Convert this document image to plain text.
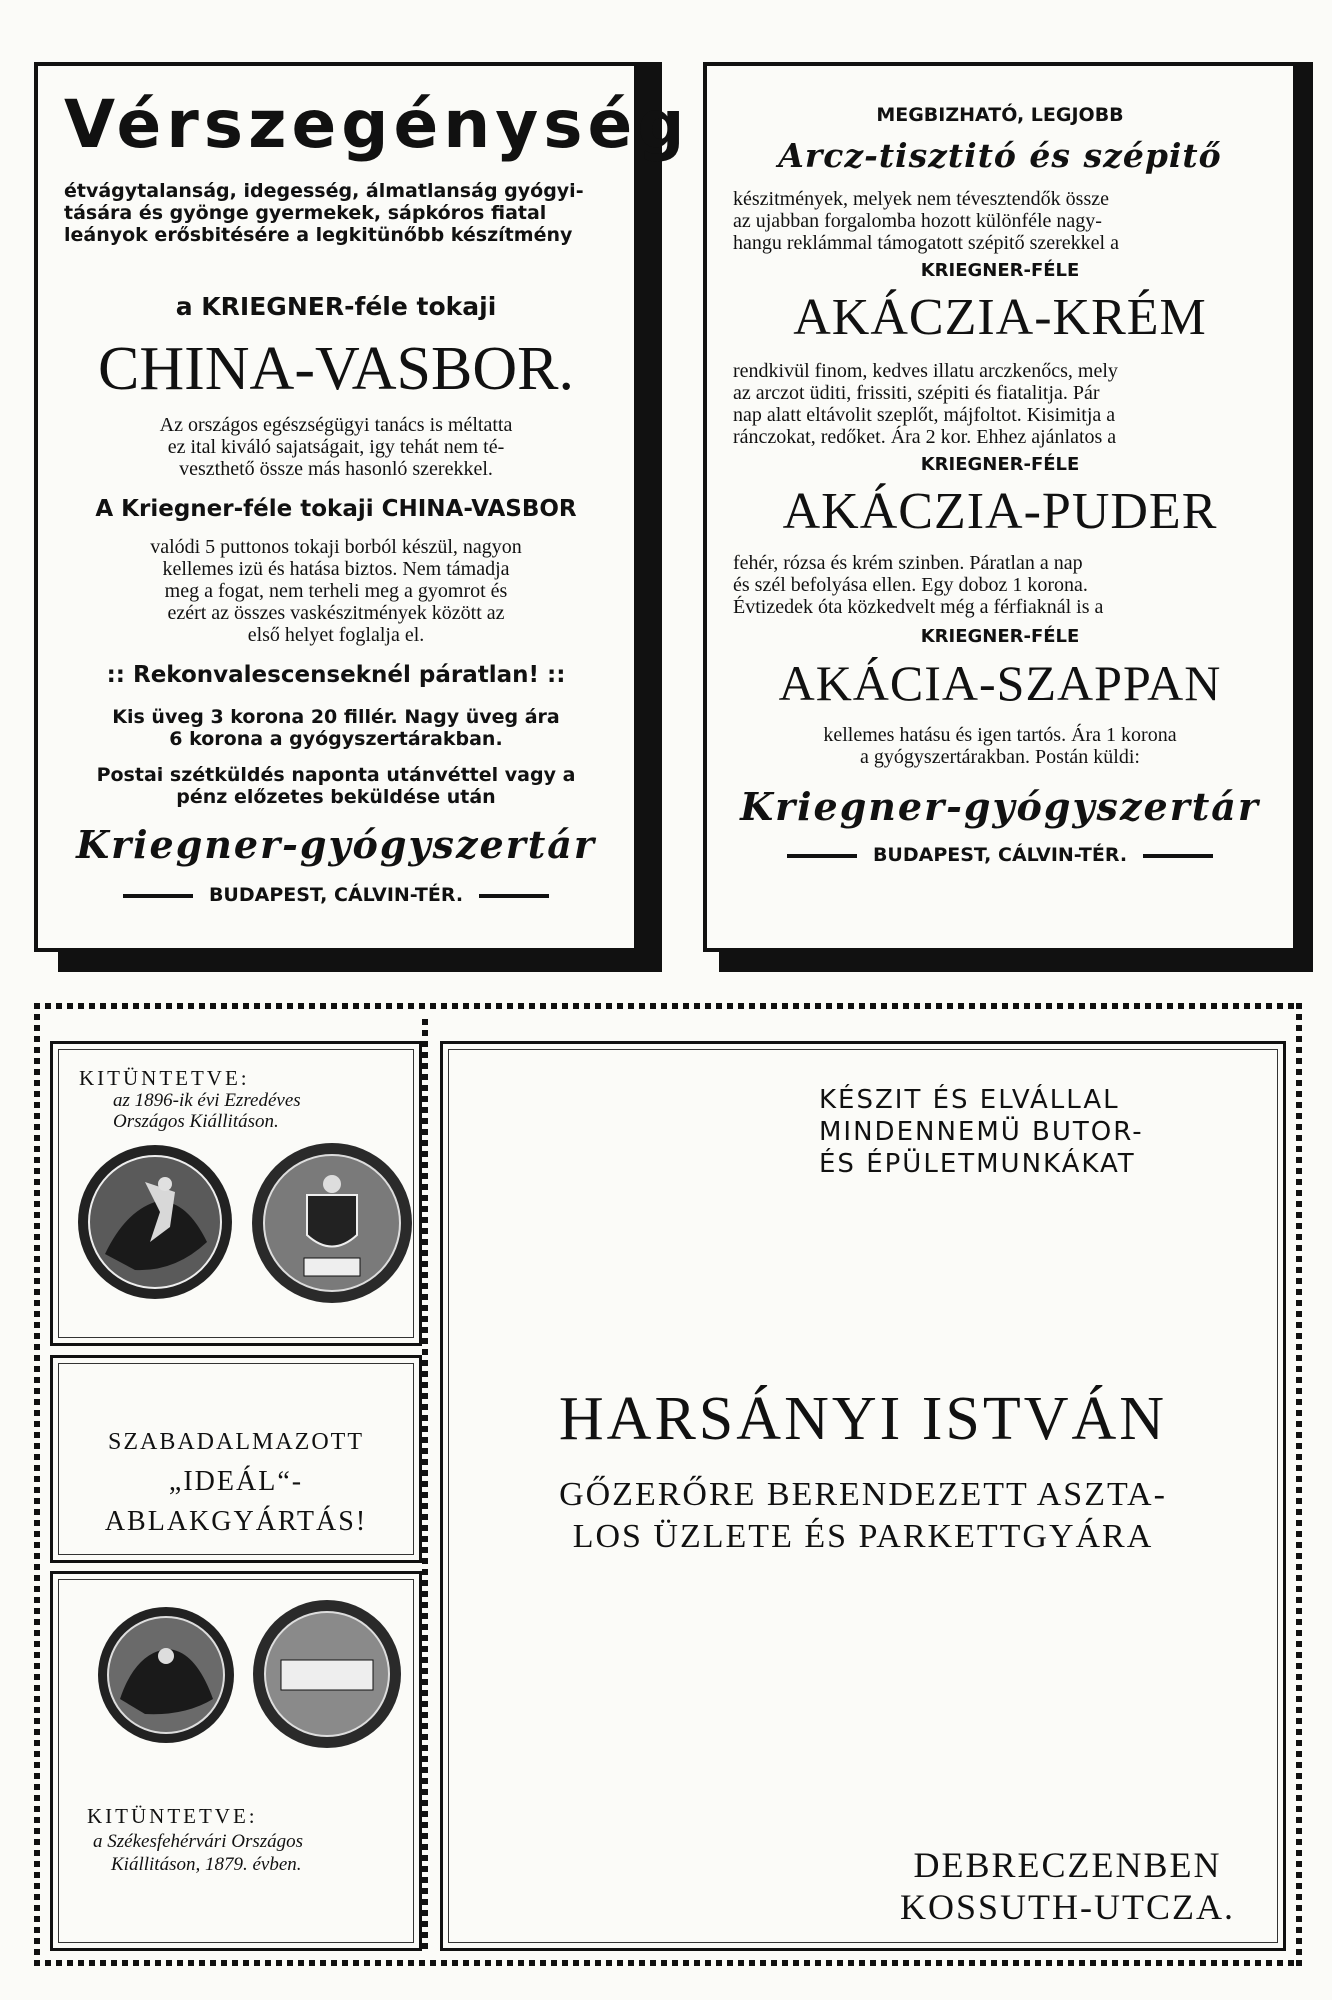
Vérszegénység
étvágytalanság, idegesség, álmatlanság gyógyi-
tására és gyönge gyermekek, sápkóros fiatal
leányok erősbitésére a legkitünőbb készítmény
a KRIEGNER-féle tokaji
CHINA-VASBOR.
Az országos egészségügyi tanács is méltatta
ez ital kiváló sajatságait, igy tehát nem té-
veszthető össze más hasonló szerekkel.
A Kriegner-féle tokaji CHINA-VASBOR
valódi 5 puttonos tokaji borból készül, nagyon
kellemes izü és hatása biztos. Nem támadja
meg a fogat, nem terheli meg a gyomrot és
ezért az összes vaskészitmények között az
első helyet foglalja el.
:: Rekonvalescenseknél páratlan! ::
Kis üveg 3 korona 20 fillér. Nagy üveg ára
6 korona a gyógyszertárakban.
Postai szétküldés naponta utánvéttel vagy a
pénz előzetes beküldése után
Kriegner-gyógyszertár
BUDAPEST, CÁLVIN-TÉR.
MEGBIZHATÓ, LEGJOBB
Arcz-tisztitó és szépitő
készitmények, melyek nem tévesztendők össze
az ujabban forgalomba hozott különféle nagy-
hangu reklámmal támogatott szépitő szerekkel a
KRIEGNER-FÉLE
AKÁCZIA-KRÉM
rendkivül finom, kedves illatu arczkenőcs, mely
az arczot üditi, frissiti, szépiti és fiatalitja. Pár
nap alatt eltávolit szeplőt, májfoltot. Kisimitja a
ránczokat, redőket. Ára 2 kor. Ehhez ajánlatos a
KRIEGNER-FÉLE
AKÁCZIA-PUDER
fehér, rózsa és krém szinben. Páratlan a nap
és szél befolyása ellen. Egy doboz 1 korona.
Évtizedek óta közkedvelt még a férfiaknál is a
KRIEGNER-FÉLE
AKÁCIA-SZAPPAN
kellemes hatásu és igen tartós. Ára 1 korona
a gyógyszertárakban. Postán küldi:
Kriegner-gyógyszertár
BUDAPEST, CÁLVIN-TÉR.
KITÜNTETVE:
az 1896-ik évi Ezredéves
Országos Kiállitáson.
SZABADALMAZOTT
„IDEÁL“-
ABLAKGYÁRTÁS!
KITÜNTETVE:
a Székesfehérvári Országos
Kiállitáson, 1879. évben.
KÉSZIT ÉS ELVÁLLAL
MINDENNEMÜ BUTOR-
ÉS ÉPÜLETMUNKÁKAT
HARSÁNYI ISTVÁN
GŐZERŐRE BERENDEZETT ASZTA-
LOS ÜZLETE ÉS PARKETTGYÁRA
DEBRECZENBEN
KOSSUTH-UTCZA.
